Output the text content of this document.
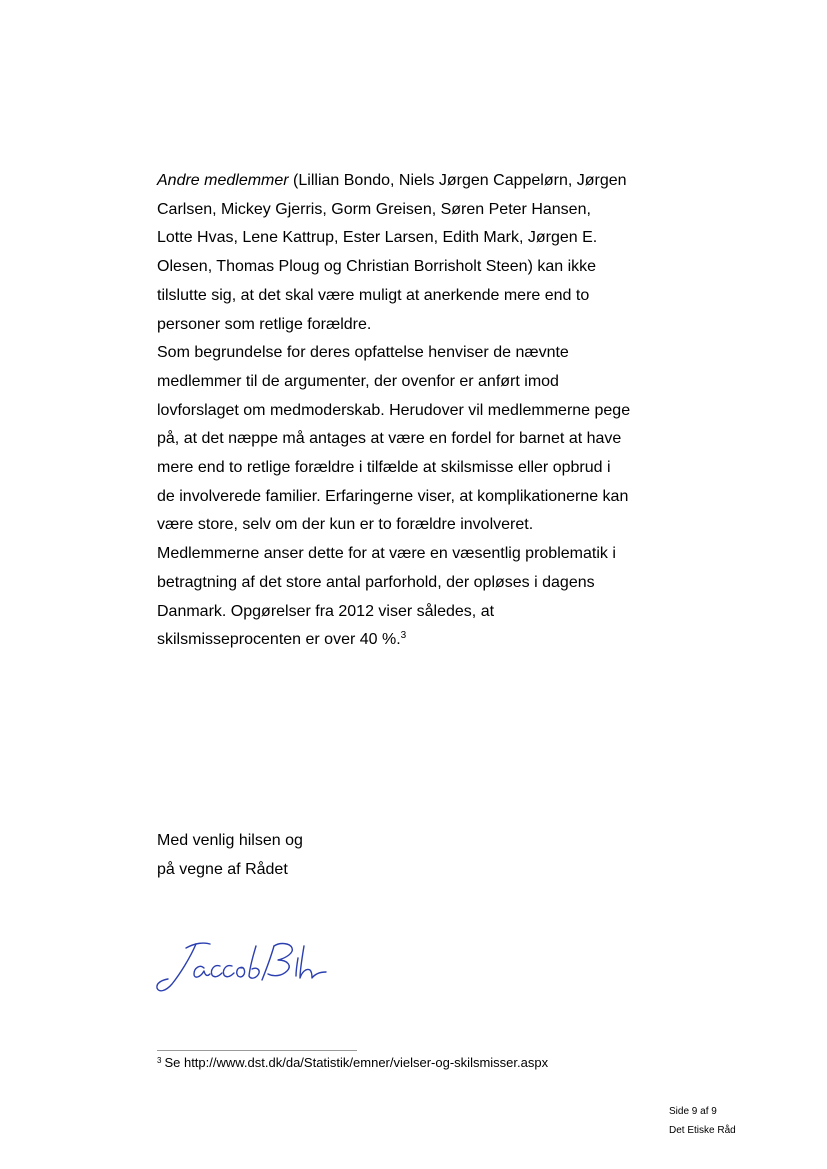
Andre medlemmer (Lillian Bondo, Niels Jørgen Cappelørn, Jørgen
Carlsen, Mickey Gjerris, Gorm Greisen, Søren Peter Hansen,
Lotte Hvas, Lene Kattrup, Ester Larsen, Edith Mark, Jørgen E.
Olesen, Thomas Ploug og Christian Borrisholt Steen) kan ikke
tilslutte sig, at det skal være muligt at anerkende mere end to
personer som retlige forældre.

Som begrundelse for deres opfattelse henviser de nævnte
medlemmer til de argumenter, der ovenfor er anført imod
lovforslaget om medmoderskab. Herudover vil medlemmerne pege
på, at det næppe må antages at være en fordel for barnet at have
mere end to retlige forældre i tilfælde at skilsmisse eller opbrud i
de involverede familier. Erfaringerne viser, at komplikationerne kan
være store, selv om der kun er to forældre involveret.
Medlemmerne anser dette for at være en væsentlig problematik i
betragtning af det store antal parforhold, der opløses i dagens
Danmark. Opgørelser fra 2012 viser således, at
skilsmisseprocenten er over 40 %.$^3$

Med venlig hilsen og
på vegne af Rådet
$^3$ Se http://www.dst.dk/da/Statistik/emner/vielser-og-skilsmisser.aspx
Side 9 af 9
Det Etiske Råd
